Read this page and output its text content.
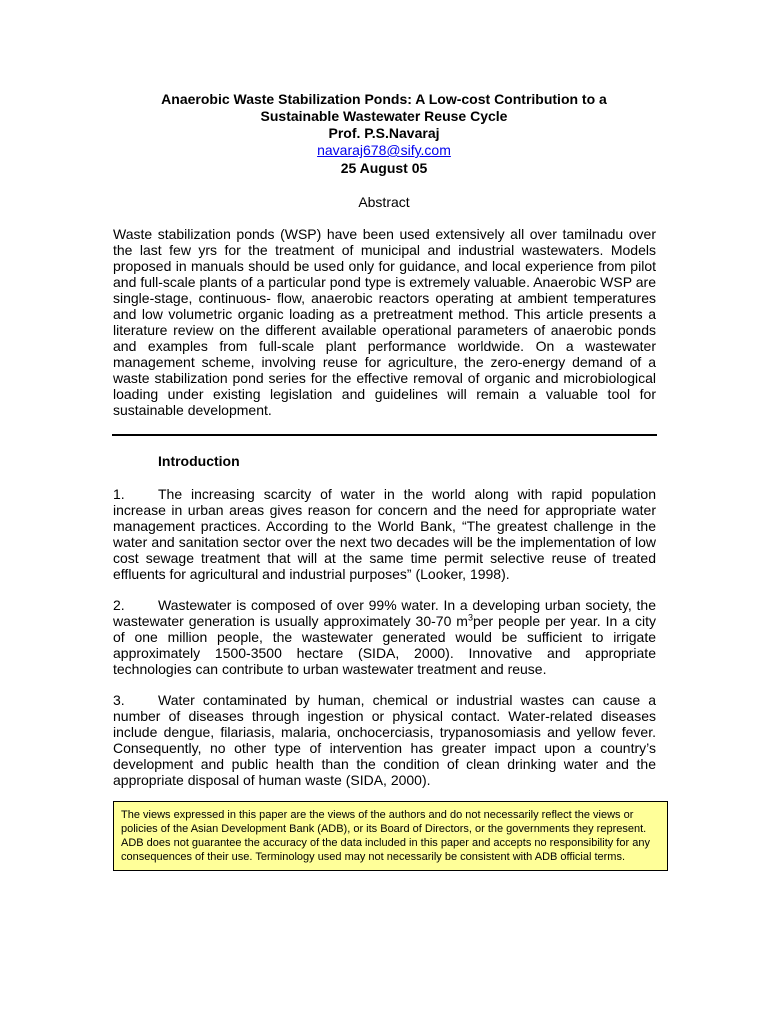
Anaerobic Waste Stabilization Ponds: A Low-cost Contribution to a
Sustainable Wastewater Reuse Cycle
Prof. P.S.Navaraj
navaraj678@sify.com
25 August 05
Abstract

Waste stabilization ponds (WSP) have been used extensively all over tamilnadu over the last few yrs for the treatment of municipal and industrial wastewaters. Models proposed in manuals should be used only for guidance, and local experience from pilot and full-scale plants of a particular pond type is extremely valuable. Anaerobic WSP are single-stage, continuous- flow, anaerobic reactors operating at ambient temperatures and low volumetric organic loading as a pretreatment method. This article presents a literature review on the different available operational parameters of anaerobic ponds and examples from full-scale plant performance worldwide. On a wastewater management scheme, involving reuse for agriculture, the zero-energy demand of a waste stabilization pond series for the effective removal of organic and microbiological loading under existing legislation and guidelines will remain a valuable tool for sustainable development.

Introduction

1. The increasing scarcity of water in the world along with rapid population increase in urban areas gives reason for concern and the need for appropriate water management practices. According to the World Bank, “The greatest challenge in the water and sanitation sector over the next two decades will be the implementation of low cost sewage treatment that will at the same time permit selective reuse of treated effluents for agricultural and industrial purposes” (Looker, 1998).

2. Wastewater is composed of over 99% water. In a developing urban society, the wastewater generation is usually approximately 30-70 $m^3per$ people per year. In a city of one million people, the wastewater generated would be sufficient to irrigate approximately 1500-3500 hectare (SIDA, 2000). Innovative and appropriate technologies can contribute to urban wastewater treatment and reuse.

3. Water contaminated by human, chemical or industrial wastes can cause a number of diseases through ingestion or physical contact. Water-related diseases include dengue, filariasis, malaria, onchocerciasis, trypanosomiasis and yellow fever. Consequently, no other type of intervention has greater impact upon a country’s development and public health than the condition of clean drinking water and the appropriate disposal of human waste (SIDA, 2000).

The views expressed in this paper are the views of the authors and do not necessarily reflect the views or policies of the Asian Development Bank (ADB), or its Board of Directors, or the governments they represent. ADB does not guarantee the accuracy of the data included in this paper and accepts no responsibility for any consequences of their use. Terminology used may not necessarily be consistent with ADB official terms.
